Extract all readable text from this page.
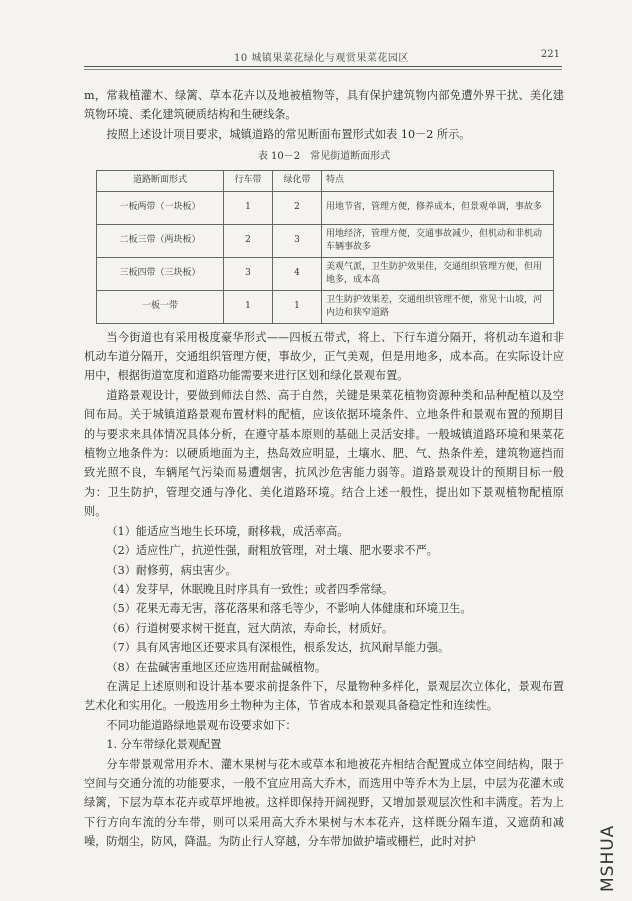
10 城镇果菜花绿化与观赏果菜花园区	221

m，常栽植灌木、绿篱、草本花卉以及地被植物等，具有保护建筑物内部免遭外界干扰、美化建筑物环境、柔化建筑硬质结构和生硬线条。

按照上述设计项目要求，城镇道路的常见断面布置形式如表 10－2 所示。

表 10－2　常见街道断面形式
道路断面形式	行车带	绿化带	特点
一板两带（一块板）	1	2	用地节省，管理方便，修养成本，但景观单调，事故多
二板三带（两块板）	2	3	用地经济，管理方便，交通事故减少，但机动和非机动车辆事故多
三板四带（三块板）	3	4	美观气派，卫生防护效果佳，交通组织管理方便，但用地多，成本高
一板一带	1	1	卫生防护效果差，交通组织管理不便，常见十山坡，河内边和狭窄道路

当今街道也有采用极度豪华形式——四板五带式，将上、下行车道分隔开，将机动车道和非机动车道分隔开，交通组织管理方便，事故少，正气美观，但是用地多，成本高。在实际设计应用中，根据街道宽度和道路功能需要来进行区划和绿化景观布置。

道路景观设计，要做到师法自然、高于自然，关键是果菜花植物资源种类和品种配植以及空间布局。关于城镇道路景观布置材料的配植，应该依据环境条件、立地条件和景观布置的预期目的与要求来具体情况具体分析，在遵守基本原则的基础上灵活安排。一般城镇道路环境和果菜花植物立地条件为：以硬质地面为主，热岛效应明显，土壤水、肥、气、热条件差，建筑物遮挡而致光照不良，车辆尾气污染而易遭烟害，抗风沙危害能力弱等。道路景观设计的预期目标一般为：卫生防护，管理交通与净化、美化道路环境。结合上述一般性，提出如下景观植物配植原则。

（1）能适应当地生长环境，耐移栽，成活率高。

（2）适应性广，抗逆性强，耐粗放管理，对土壤、肥水要求不严。

（3）耐修剪，病虫害少。

（4）发芽早，休眠晚且时序具有一致性；或者四季常绿。

（5）花果无毒无害，落花落果和落毛等少，不影响人体健康和环境卫生。

（6）行道树要求树干挺直，冠大荫浓，寿命长，材质好。

（7）具有风害地区还要求具有深根性，根系发达，抗风耐旱能力强。

（8）在盐碱害重地区还应选用耐盐碱植物。

在满足上述原则和设计基本要求前提条件下，尽量物种多样化，景观层次立体化，景观布置艺术化和实用化。一般选用乡土物种为主体，节省成本和景观具备稳定性和连续性。

不同功能道路绿地景观布设要求如下：

1. 分车带绿化景观配置

分车带景观常用乔木、灌木果树与花木或草本和地被花卉相结合配置成立体空间结构，限于空间与交通分流的功能要求，一般不宜应用高大乔木，而选用中等乔木为上层，中层为花灌木或绿篱，下层为草本花卉或草坪地被。这样即保持开阔视野，又增加景观层次性和丰满度。若为上下行方向车流的分车带，则可以采用高大乔木果树与木本花卉，这样既分隔车道，又遮荫和减噪，防烟尘，防风，降温。为防止行人穿越，分车带加做护墙或栅栏，此时对护	MSHUA
